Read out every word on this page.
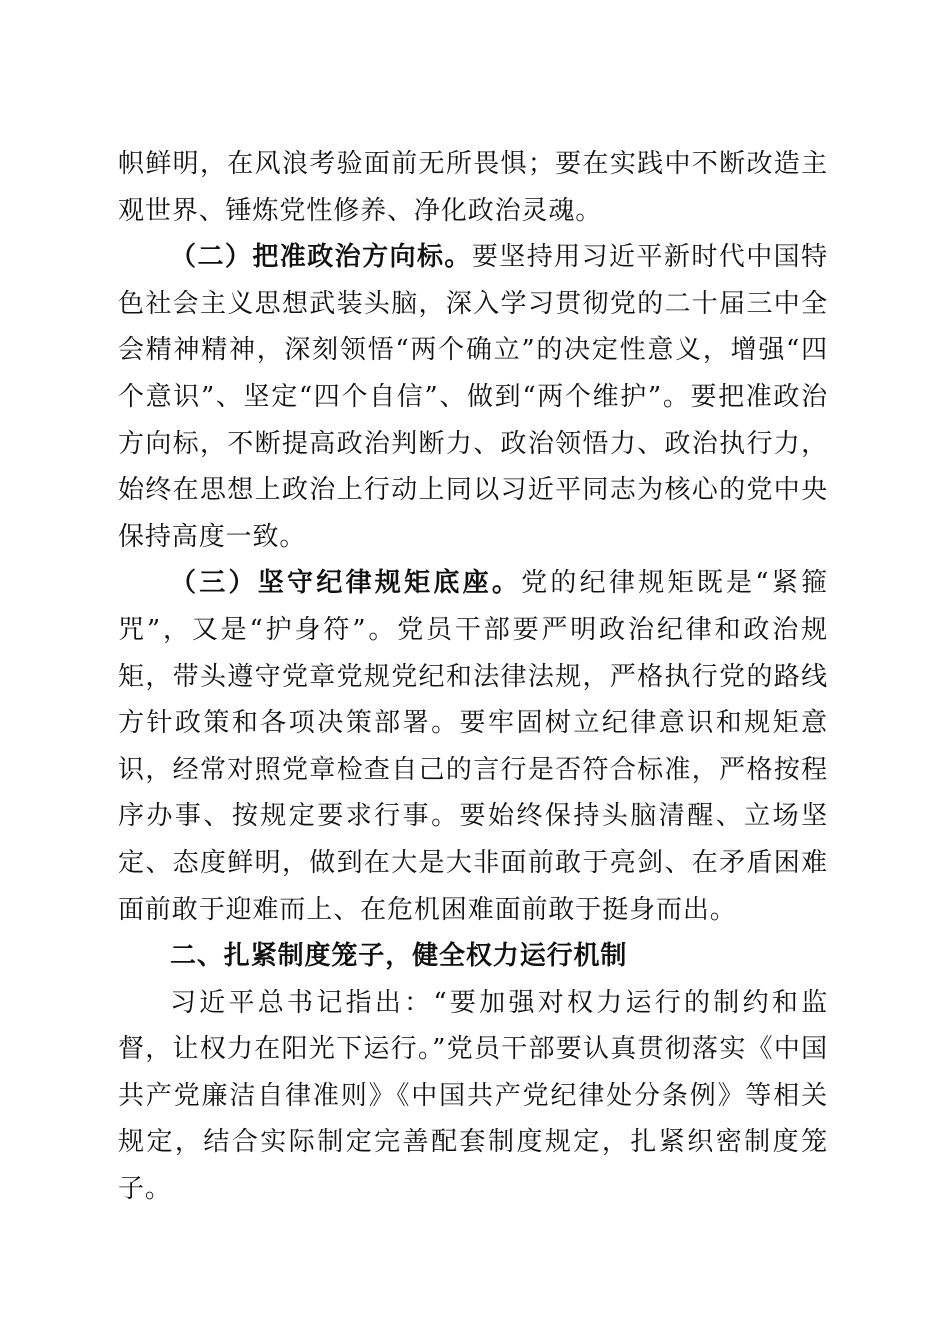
帜鲜明，在风浪考验面前无所畏惧；要在实践中不断改造主观世界、锤炼党性修养、净化政治灵魂。

（二）把准政治方向标。要坚持用习近平新时代中国特色社会主义思想武装头脑，深入学习贯彻党的二十届三中全会精神精神，深刻领悟“两个确立”的决定性意义，增强“四个意识”、坚定“四个自信”、做到“两个维护”。要把准政治方向标，不断提高政治判断力、政治领悟力、政治执行力，始终在思想上政治上行动上同以习近平同志为核心的党中央保持高度一致。

（三）坚守纪律规矩底座。党的纪律规矩既是“紧箍咒”，又是“护身符”。党员干部要严明政治纪律和政治规矩，带头遵守党章党规党纪和法律法规，严格执行党的路线方针政策和各项决策部署。要牢固树立纪律意识和规矩意识，经常对照党章检查自己的言行是否符合标准，严格按程序办事、按规定要求行事。要始终保持头脑清醒、立场坚定、态度鲜明，做到在大是大非面前敢于亮剑、在矛盾困难面前敢于迎难而上、在危机困难面前敢于挺身而出。

二、扎紧制度笼子，健全权力运行机制

习近平总书记指出：“要加强对权力运行的制约和监督，让权力在阳光下运行。”党员干部要认真贯彻落实《中国共产党廉洁自律准则》《中国共产党纪律处分条例》等相关规定，结合实际制定完善配套制度规定，扎紧织密制度笼子。
